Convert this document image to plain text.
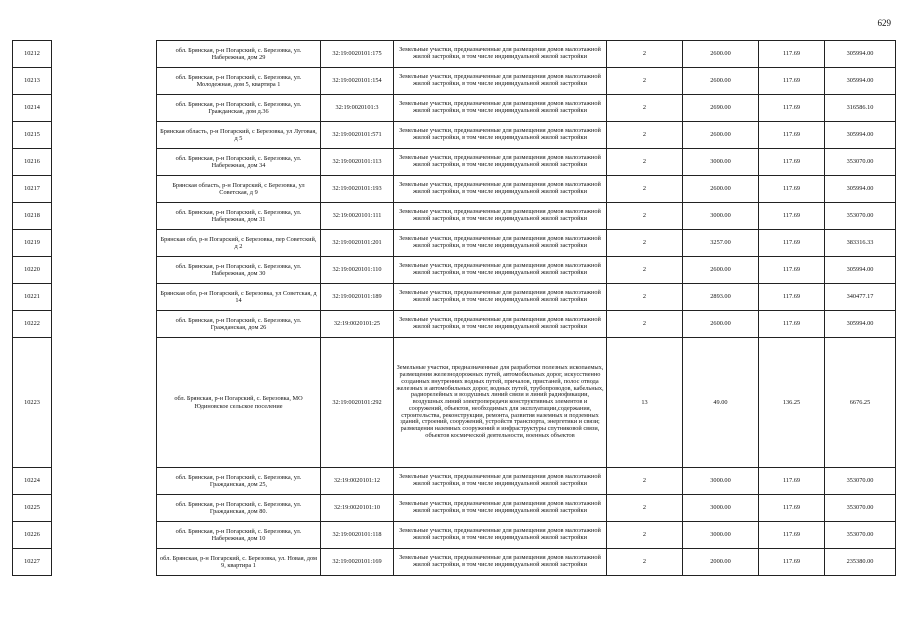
629
10212		обл. Брянская, р-н Погарский, с. Березовка, ул. Набережная, дом 29	32:19:0020101:175	Земельные участки, предназначенные для размещения домов малоэтажной жилой застройки, в том числе индивидуальной жилой застройки	2	2600.00	117.69	305994.00
10213		обл. Брянская, р-н Погарский, с. Березовка, ул. Молодежная, дом 5, квартира 1	32:19:0020101:154	Земельные участки, предназначенные для размещения домов малоэтажной жилой застройки, в том числе индивидуальной жилой застройки	2	2600.00	117.69	305994.00
10214		обл. Брянская, р-н Погарский, с. Березовка, ул. Гражданская, дом д.36	32:19:0020101:3	Земельные участки, предназначенные для размещения домов малоэтажной жилой застройки, в том числе индивидуальной жилой застройки	2	2690.00	117.69	316586.10
10215		Брянская область, р-н Погарский, с Березовка, ул Луговая, д 5	32:19:0020101:571	Земельные участки, предназначенные для размещения домов малоэтажной жилой застройки, в том числе индивидуальной жилой застройки	2	2600.00	117.69	305994.00
10216		обл. Брянская, р-н Погарский, с. Березовка, ул. Набережная, дом 34	32:19:0020101:113	Земельные участки, предназначенные для размещения домов малоэтажной жилой застройки, в том числе индивидуальной жилой застройки	2	3000.00	117.69	353070.00
10217		Брянская область, р-н Погарский, с Березовка, ул Советская, д 9	32:19:0020101:193	Земельные участки, предназначенные для размещения домов малоэтажной жилой застройки, в том числе индивидуальной жилой застройки	2	2600.00	117.69	305994.00
10218		обл. Брянская, р-н Погарский, с. Березовка, ул. Набережная, дом 31	32:19:0020101:111	Земельные участки, предназначенные для размещения домов малоэтажной жилой застройки, в том числе индивидуальной жилой застройки	2	3000.00	117.69	353070.00
10219		Брянская обл, р-н Погарский, с Березовка, пер Советский, д 2	32:19:0020101:201	Земельные участки, предназначенные для размещения домов малоэтажной жилой застройки, в том числе индивидуальной жилой застройки	2	3257.00	117.69	383316.33
10220		обл. Брянская, р-н Погарский, с. Березовка, ул. Набережная, дом 30	32:19:0020101:110	Земельные участки, предназначенные для размещения домов малоэтажной жилой застройки, в том числе индивидуальной жилой застройки	2	2600.00	117.69	305994.00
10221		Брянская обл, р-н Погарский, с Березовка, ул Советская, д 14	32:19:0020101:189	Земельные участки, предназначенные для размещения домов малоэтажной жилой застройки, в том числе индивидуальной жилой застройки	2	2893.00	117.69	340477.17
10222		обл. Брянская, р-н Погарский, с. Березовка, ул. Гражданская, дом 26	32:19:0020101:25	Земельные участки, предназначенные для размещения домов малоэтажной жилой застройки, в том числе индивидуальной жилой застройки	2	2600.00	117.69	305994.00
10223		обл. Брянская, р-н Погарский, с. Березовка, МО Юдиновское сельское поселение	32:19:0020101:292	Земельные участки, предназначенные для разработки полезных ископаемых, размещения железнодорожных путей, автомобильных дорог, искусственно созданных внутренних водных путей, причалов, пристаней, полос отвода железных и автомобильных дорог, водных путей, трубопроводов, кабельных, радиорелейных и воздушных линий связи и линий радиофикации, воздушных линий электропередачи конструктивных элементов и сооружений, объектов, необходимых для эксплуатации,содержания, строительства, реконструкции, ремонта, развития наземных и подземных зданий, строений, сооружений, устройств транспорта, энергетики и связи; размещения наземных сооружений и инфраструктуры спутниковой связи, объектов космической деятельности, военных объектов	13	49.00	136.25	6676.25
10224		обл. Брянская, р-н Погарский, с. Березовка, ул. Гражданская, дом 25,	32:19:0020101:12	Земельные участки, предназначенные для размещения домов малоэтажной жилой застройки, в том числе индивидуальной жилой застройки	2	3000.00	117.69	353070.00
10225		обл. Брянская, р-н Погарский, с. Березовка, ул. Гражданская, дом 80.	32:19:0020101:10	Земельные участки, предназначенные для размещения домов малоэтажной жилой застройки, в том числе индивидуальной жилой застройки	2	3000.00	117.69	353070.00
10226		обл. Брянская, р-н Погарский, с. Березовка, ул. Набережная, дом 10	32:19:0020101:118	Земельные участки, предназначенные для размещения домов малоэтажной жилой застройки, в том числе индивидуальной жилой застройки	2	3000.00	117.69	353070.00
10227		обл. Брянская, р-н Погарский, с. Березовка, ул. Новая, дом 9, квартира 1	32:19:0020101:169	Земельные участки, предназначенные для размещения домов малоэтажной жилой застройки, в том числе индивидуальной жилой застройки	2	2000.00	117.69	235380.00
